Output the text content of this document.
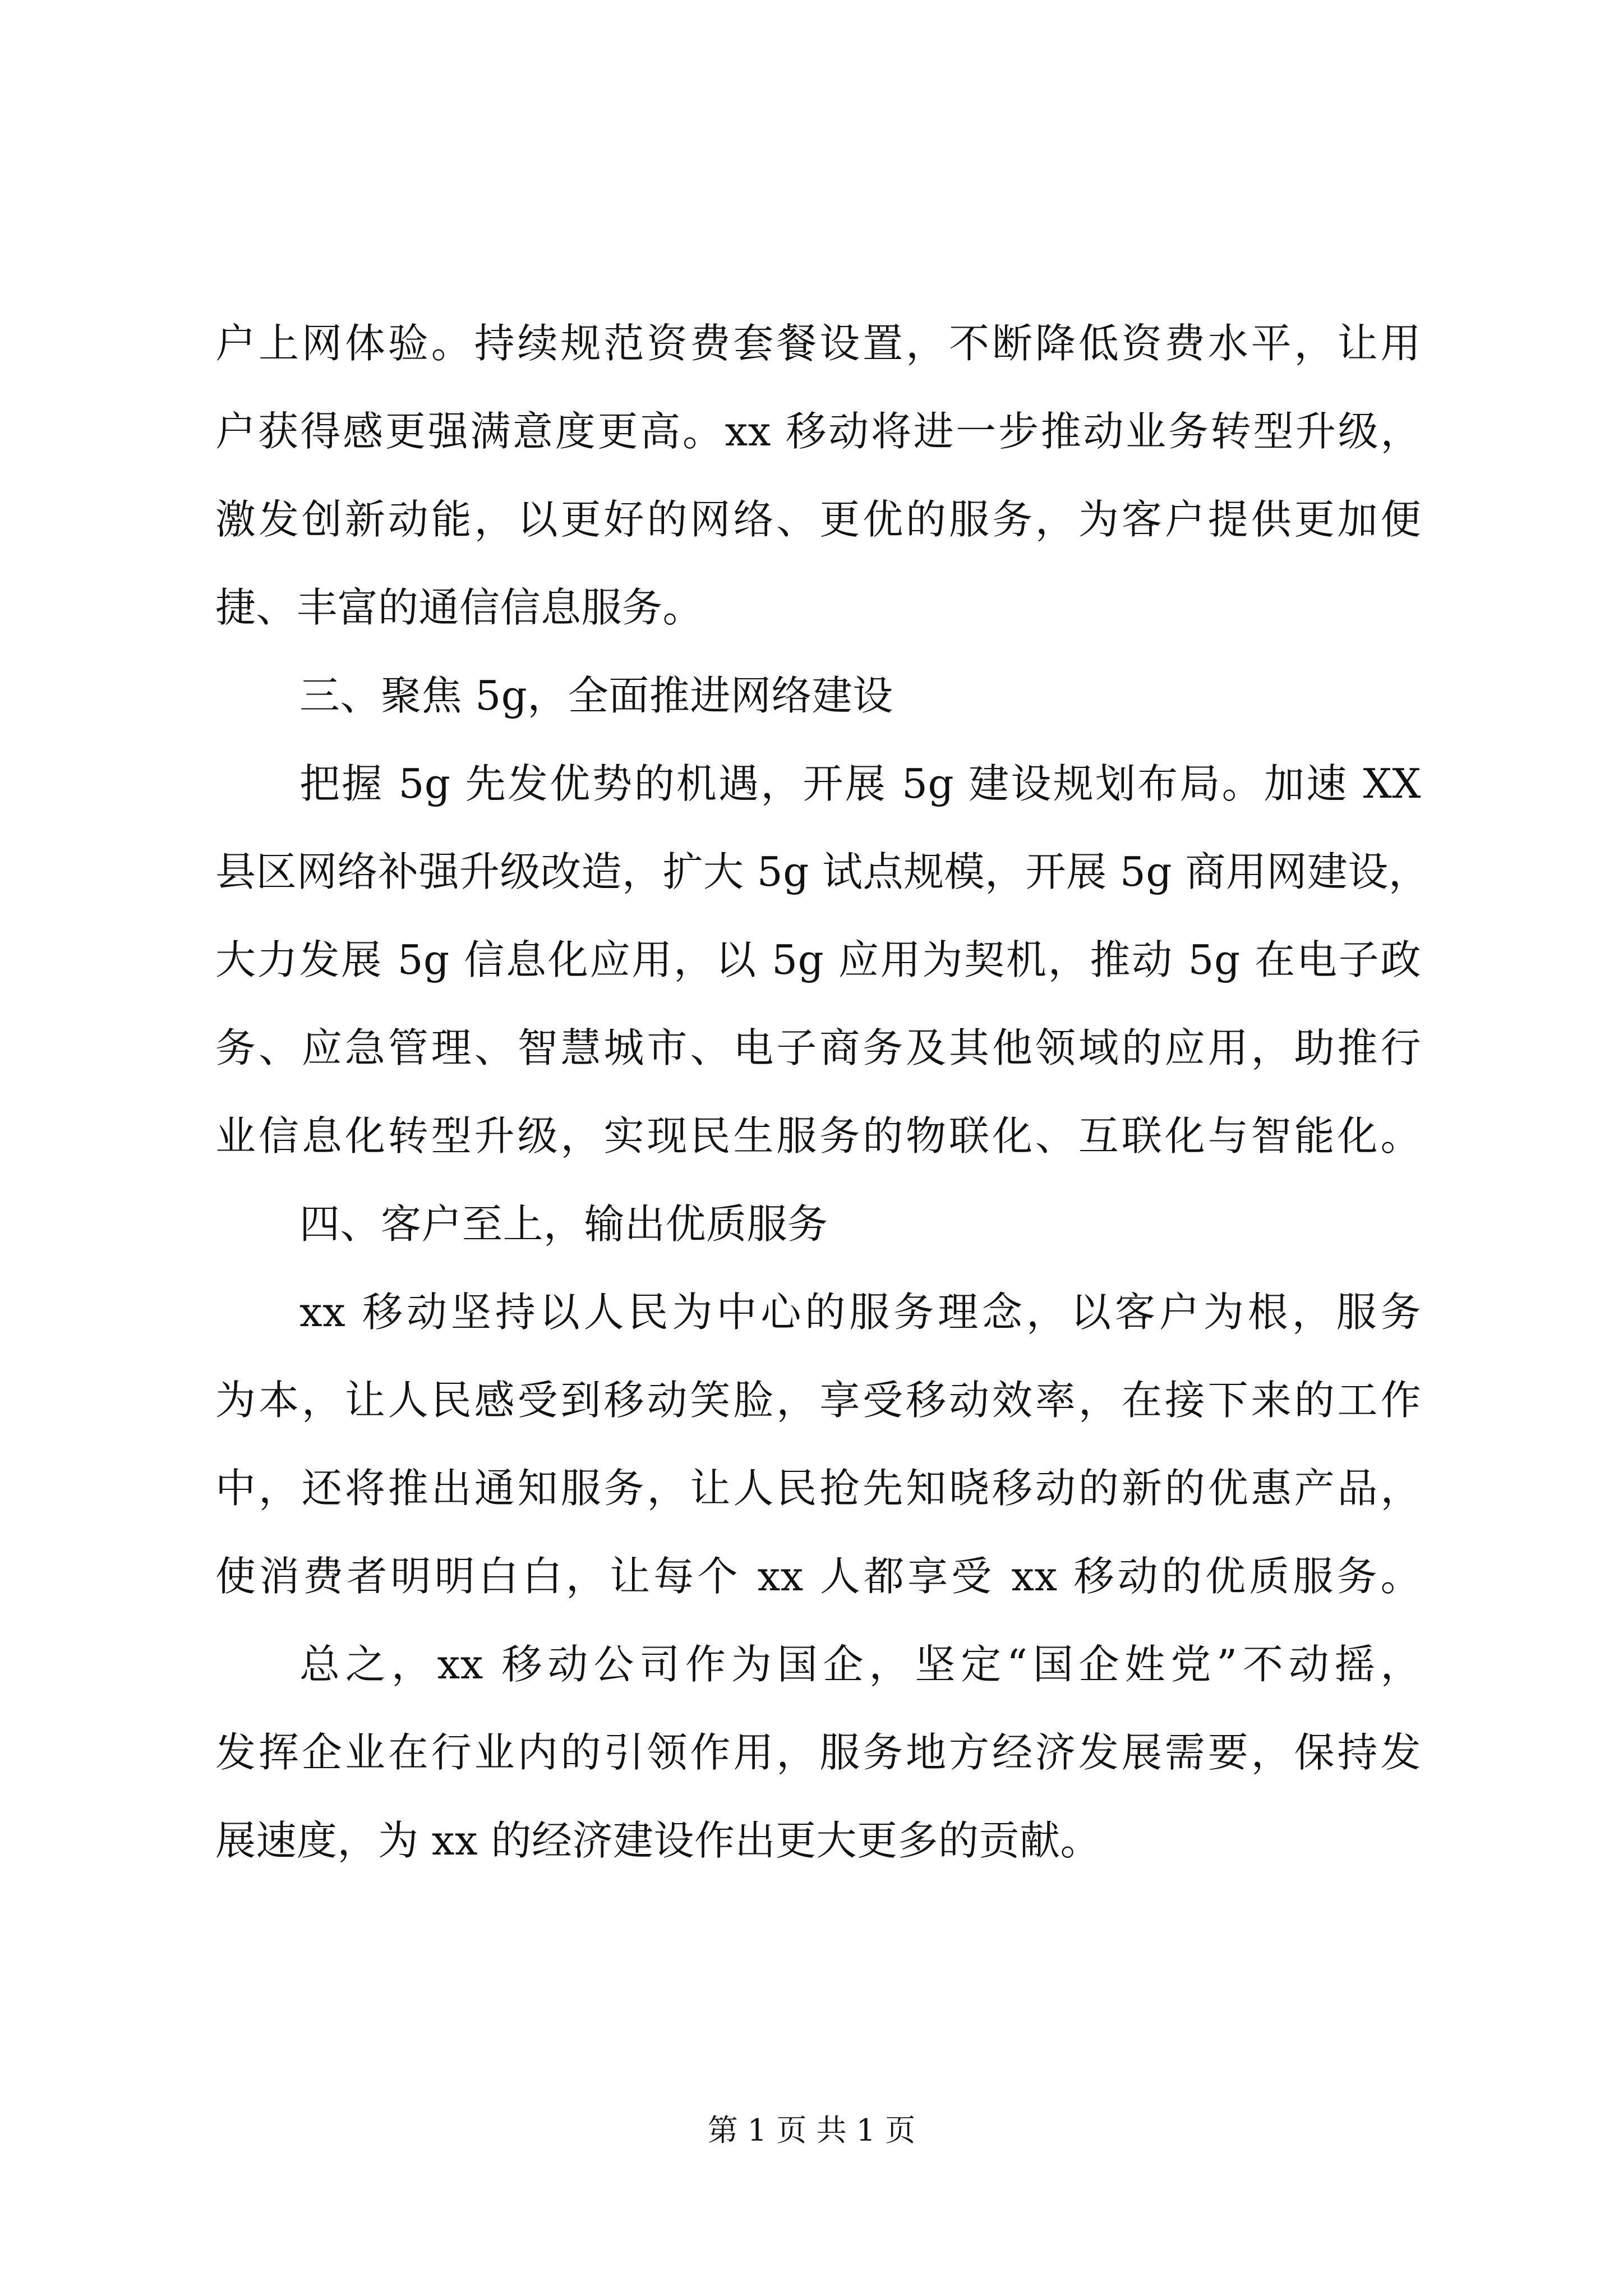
户上网体验。持续规范资费套餐设置，不断降低资费水平，让用
户获得感更强满意度更高。xx 移动将进一步推动业务转型升级，
激发创新动能，以更好的网络、更优的服务，为客户提供更加便
捷、丰富的通信信息服务。
三、聚焦 5g，全面推进网络建设
把握 5g 先发优势的机遇，开展 5g 建设规划布局。加速 XX
县区网络补强升级改造，扩大 5g 试点规模，开展 5g 商用网建设，
大力发展 5g 信息化应用，以 5g 应用为契机，推动 5g 在电子政
务、应急管理、智慧城市、电子商务及其他领域的应用，助推行
业信息化转型升级，实现民生服务的物联化、互联化与智能化。
四、客户至上，输出优质服务
xx 移动坚持以人民为中心的服务理念，以客户为根，服务
为本，让人民感受到移动笑脸，享受移动效率，在接下来的工作
中，还将推出通知服务，让人民抢先知晓移动的新的优惠产品，
使消费者明明白白，让每个 xx 人都享受 xx 移动的优质服务。
总之，xx 移动公司作为国企，坚定“国企姓党”不动摇，
发挥企业在行业内的引领作用，服务地方经济发展需要，保持发
展速度，为 xx 的经济建设作出更大更多的贡献。
第 1 页 共 1 页
